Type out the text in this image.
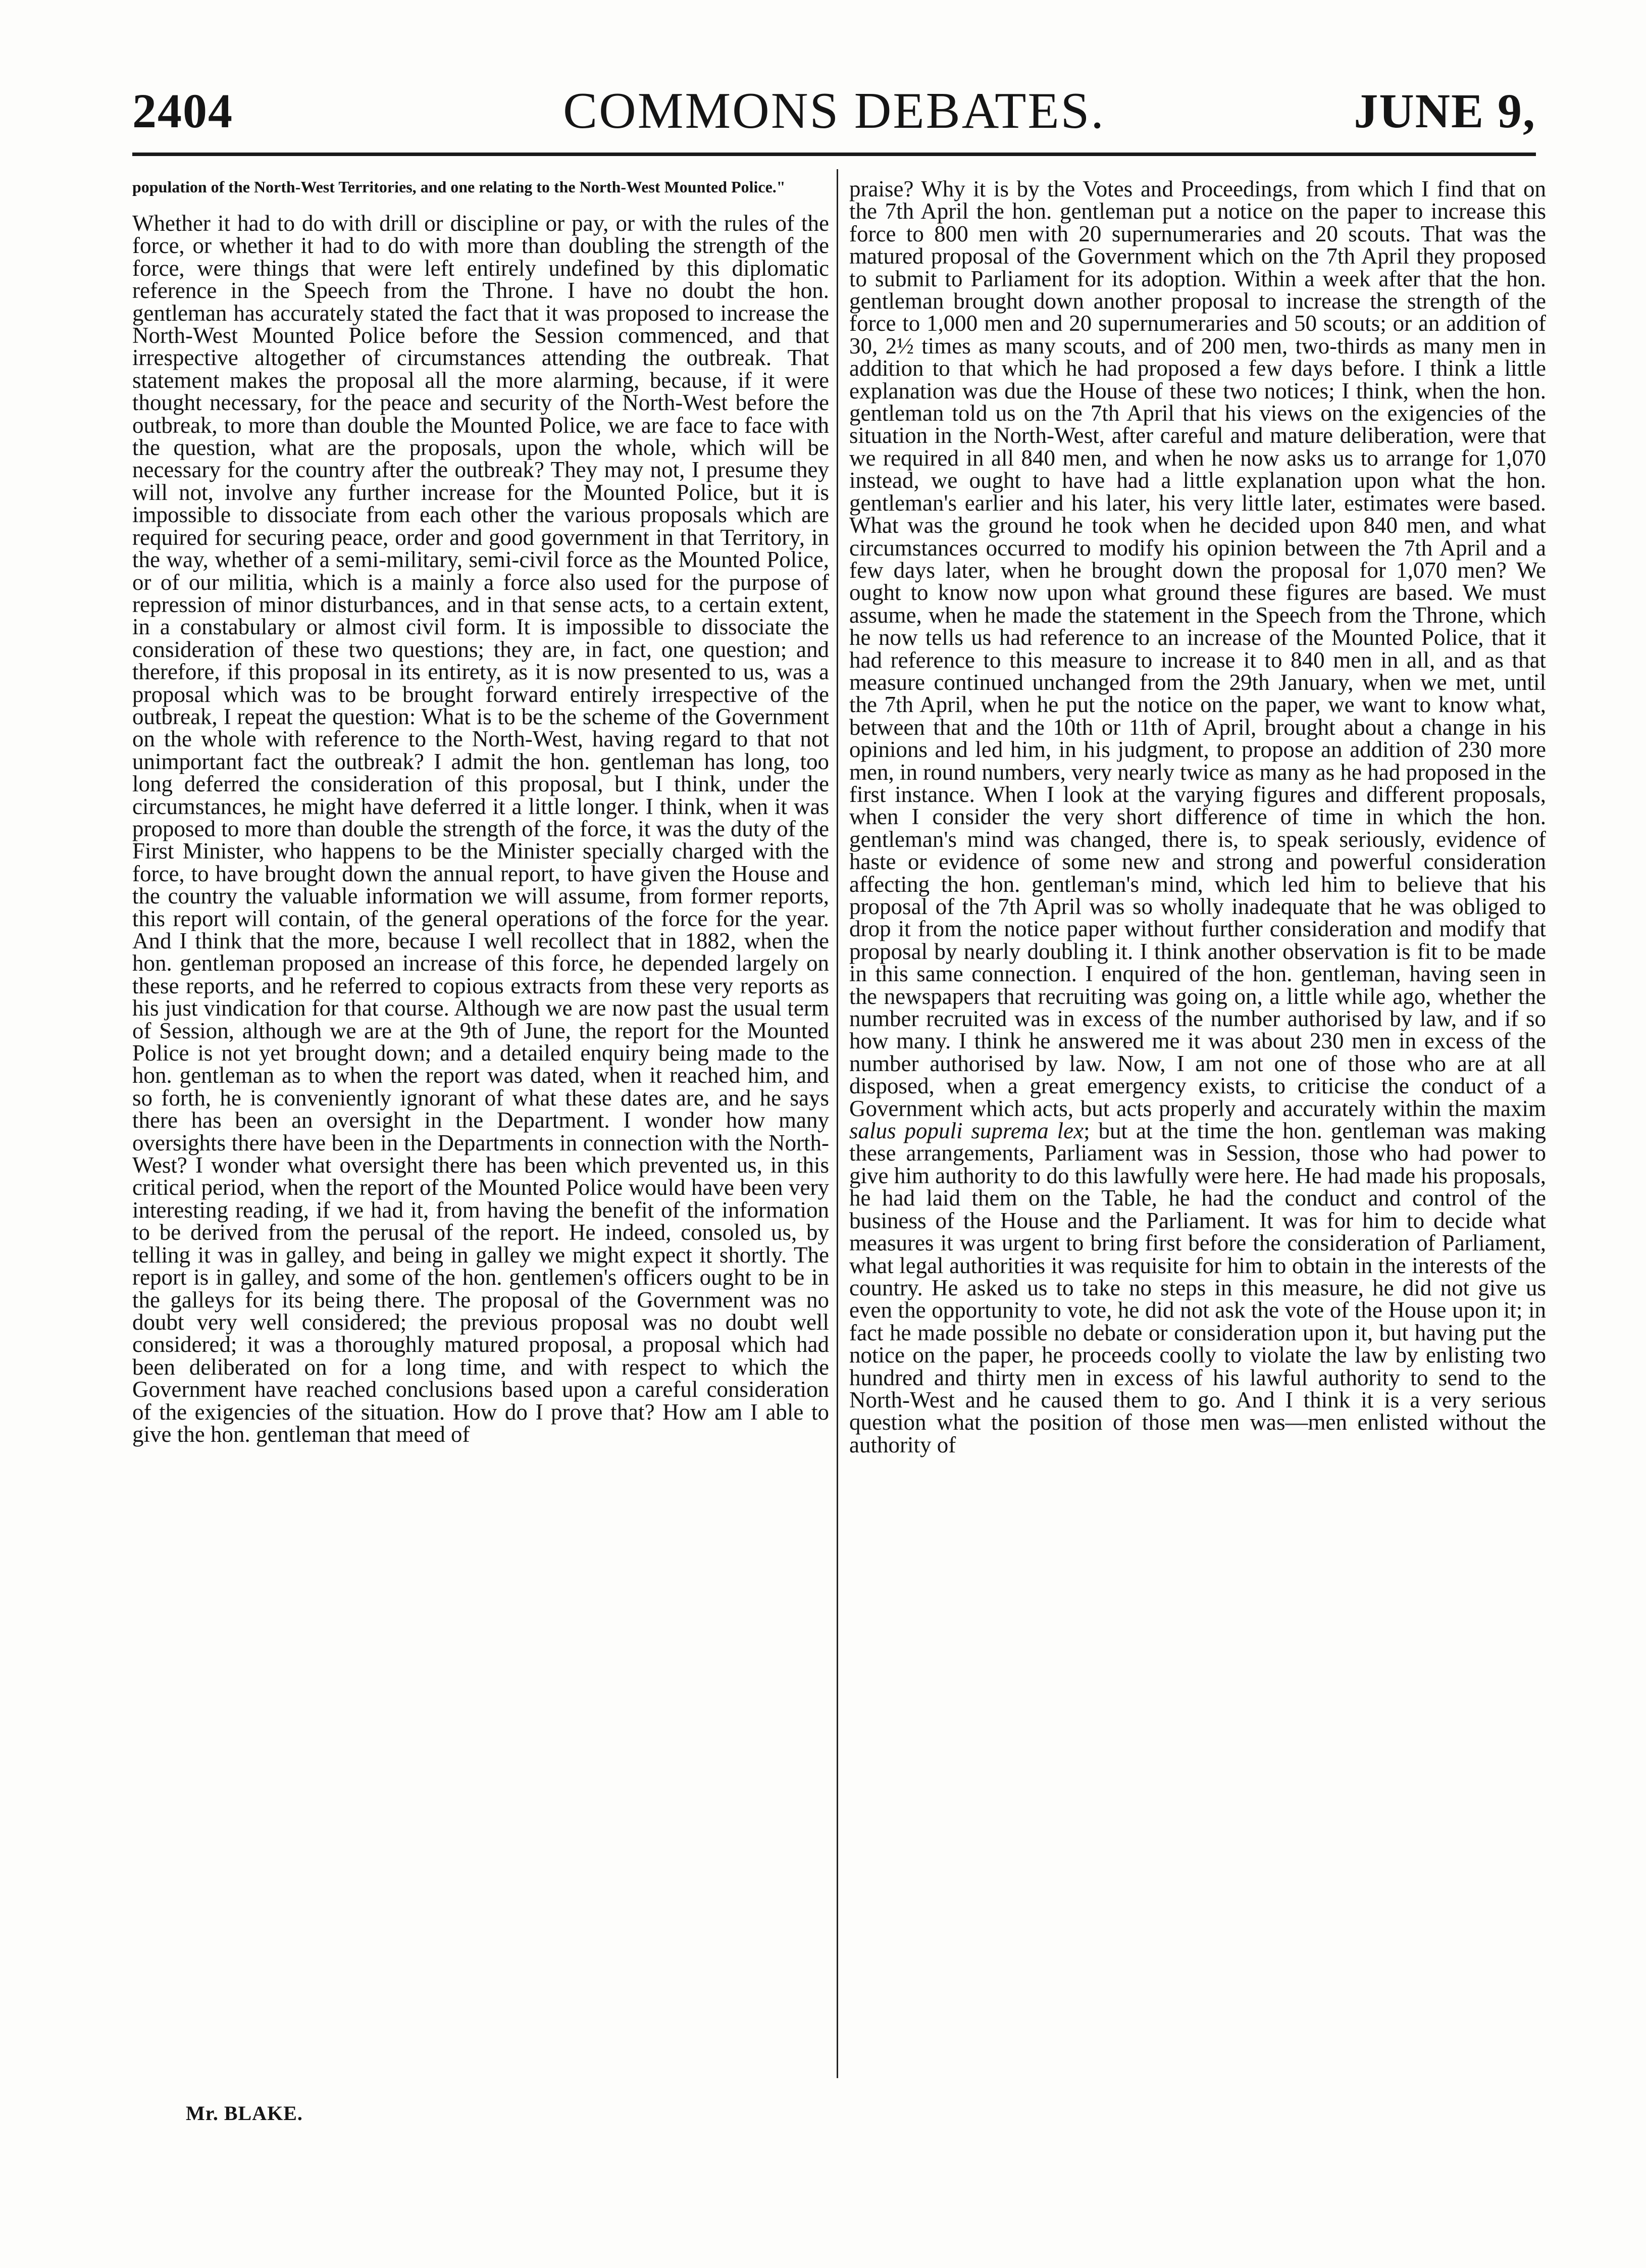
2404	COMMONS DEBATES.	JUNE 9,

population of the North-West Territories, and one relating to the North-West Mounted Police."

Whether it had to do with drill or discipline or pay, or with the rules of the force, or whether it had to do with more than doubling the strength of the force, were things that were left entirely undefined by this diplomatic reference in the Speech from the Throne. I have no doubt the hon. gentleman has accurately stated the fact that it was proposed to increase the North-West Mounted Police before the Session commenced, and that irrespective altogether of circumstances attending the outbreak. That statement makes the proposal all the more alarming, because, if it were thought necessary, for the peace and security of the North-West before the outbreak, to more than double the Mounted Police, we are face to face with the question, what are the proposals, upon the whole, which will be necessary for the country after the outbreak? They may not, I presume they will not, involve any further increase for the Mounted Police, but it is impossible to dissociate from each other the various proposals which are required for securing peace, order and good government in that Territory, in the way, whether of a semi-military, semi-civil force as the Mounted Police, or of our militia, which is a mainly a force also used for the purpose of repression of minor disturbances, and in that sense acts, to a certain extent, in a constabulary or almost civil form. It is impossible to dissociate the consideration of these two questions; they are, in fact, one question; and therefore, if this proposal in its entirety, as it is now presented to us, was a proposal which was to be brought forward entirely irrespective of the outbreak, I repeat the question: What is to be the scheme of the Government on the whole with reference to the North-West, having regard to that not unimportant fact the outbreak? I admit the hon. gentleman has long, too long deferred the consideration of this proposal, but I think, under the circumstances, he might have deferred it a little longer. I think, when it was proposed to more than double the strength of the force, it was the duty of the First Minister, who happens to be the Minister specially charged with the force, to have brought down the annual report, to have given the House and the country the valuable information we will assume, from former reports, this report will contain, of the general operations of the force for the year. And I think that the more, because I well recollect that in 1882, when the hon. gentleman proposed an increase of this force, he depended largely on these reports, and he referred to copious extracts from these very reports as his just vindication for that course. Although we are now past the usual term of Session, although we are at the 9th of June, the report for the Mounted Police is not yet brought down; and a detailed enquiry being made to the hon. gentleman as to when the report was dated, when it reached him, and so forth, he is conveniently ignorant of what these dates are, and he says there has been an oversight in the Department. I wonder how many oversights there have been in the Departments in connection with the North-West? I wonder what oversight there has been which prevented us, in this critical period, when the report of the Mounted Police would have been very interesting reading, if we had it, from having the benefit of the information to be derived from the perusal of the report. He indeed, consoled us, by telling it was in galley, and being in galley we might expect it shortly. The report is in galley, and some of the hon. gentlemen's officers ought to be in the galleys for its being there. The proposal of the Government was no doubt very well considered; the previous proposal was no doubt well considered; it was a thoroughly matured proposal, a proposal which had been deliberated on for a long time, and with respect to which the Government have reached conclusions based upon a careful consideration of the exigencies of the situation. How do I prove that? How am I able to give the hon. gentleman that meed of

praise? Why it is by the Votes and Proceedings, from which I find that on the 7th April the hon. gentleman put a notice on the paper to increase this force to 800 men with 20 supernumeraries and 20 scouts. That was the matured proposal of the Government which on the 7th April they proposed to submit to Parliament for its adoption. Within a week after that the hon. gentleman brought down another proposal to increase the strength of the force to 1,000 men and 20 supernumeraries and 50 scouts; or an addition of 30, 2½ times as many scouts, and of 200 men, two-thirds as many men in addition to that which he had proposed a few days before. I think a little explanation was due the House of these two notices; I think, when the hon. gentleman told us on the 7th April that his views on the exigencies of the situation in the North-West, after careful and mature deliberation, were that we required in all 840 men, and when he now asks us to arrange for 1,070 instead, we ought to have had a little explanation upon what the hon. gentleman's earlier and his later, his very little later, estimates were based. What was the ground he took when he decided upon 840 men, and what circumstances occurred to modify his opinion between the 7th April and a few days later, when he brought down the proposal for 1,070 men? We ought to know now upon what ground these figures are based. We must assume, when he made the statement in the Speech from the Throne, which he now tells us had reference to an increase of the Mounted Police, that it had reference to this measure to increase it to 840 men in all, and as that measure continued unchanged from the 29th January, when we met, until the 7th April, when he put the notice on the paper, we want to know what, between that and the 10th or 11th of April, brought about a change in his opinions and led him, in his judgment, to propose an addition of 230 more men, in round numbers, very nearly twice as many as he had proposed in the first instance. When I look at the varying figures and different proposals, when I consider the very short difference of time in which the hon. gentleman's mind was changed, there is, to speak seriously, evidence of haste or evidence of some new and strong and powerful consideration affecting the hon. gentleman's mind, which led him to believe that his proposal of the 7th April was so wholly inadequate that he was obliged to drop it from the notice paper without further consideration and modify that proposal by nearly doubling it. I think another observation is fit to be made in this same connection. I enquired of the hon. gentleman, having seen in the newspapers that recruiting was going on, a little while ago, whether the number recruited was in excess of the number authorised by law, and if so how many. I think he answered me it was about 230 men in excess of the number authorised by law. Now, I am not one of those who are at all disposed, when a great emergency exists, to criticise the conduct of a Government which acts, but acts properly and accurately within the maxim salus populi suprema lex; but at the time the hon. gentleman was making these arrangements, Parliament was in Session, those who had power to give him authority to do this lawfully were here. He had made his proposals, he had laid them on the Table, he had the conduct and control of the business of the House and the Parliament. It was for him to decide what measures it was urgent to bring first before the consideration of Parliament, what legal authorities it was requisite for him to obtain in the interests of the country. He asked us to take no steps in this measure, he did not give us even the opportunity to vote, he did not ask the vote of the House upon it; in fact he made possible no debate or consideration upon it, but having put the notice on the paper, he proceeds coolly to violate the law by enlisting two hundred and thirty men in excess of his lawful authority to send to the North-West and he caused them to go. And I think it is a very serious question what the position of those men was—men enlisted without the authority of

Mr. BLAKE.
